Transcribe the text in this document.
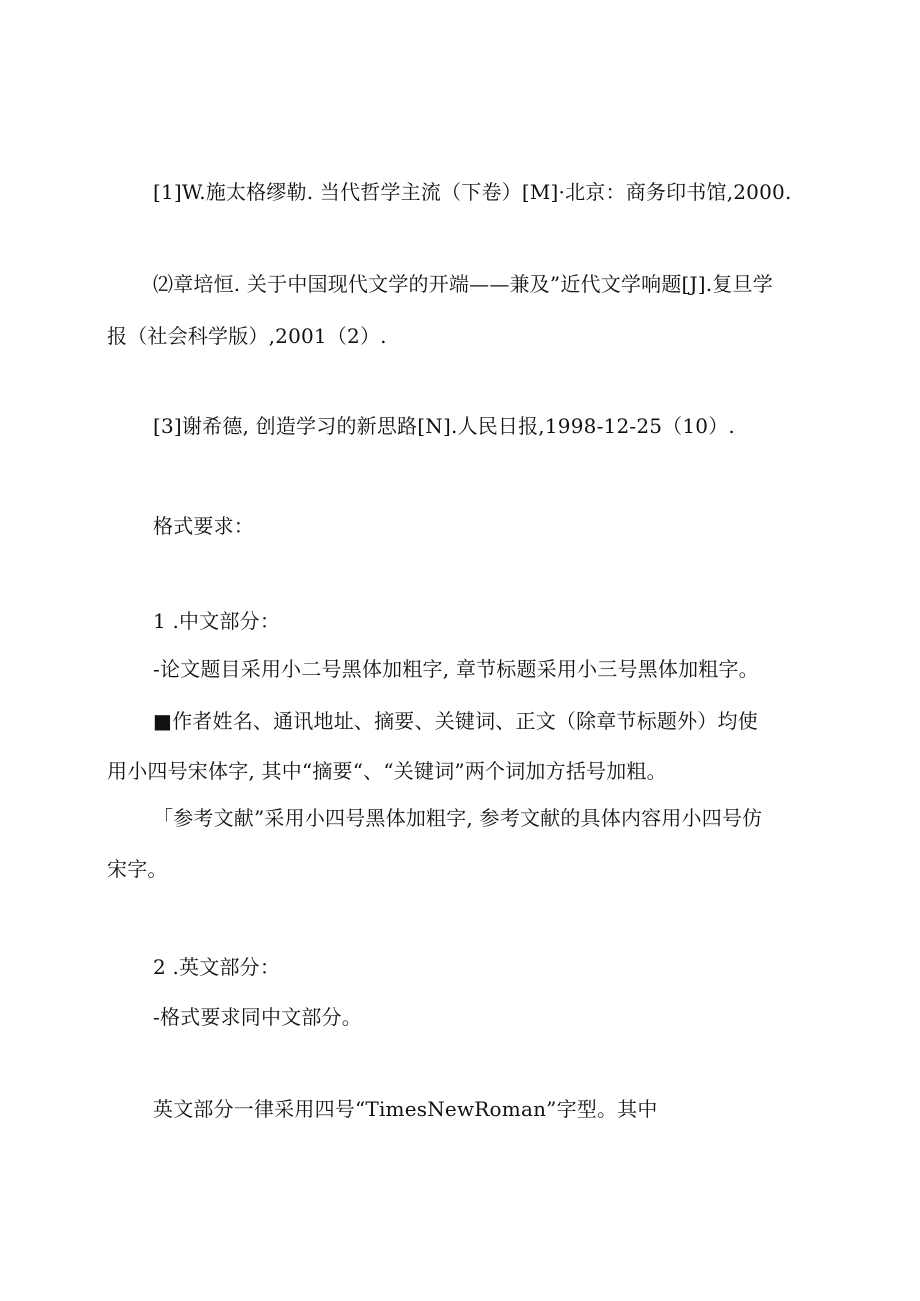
[1]W.施太格缪勒. 当代哲学主流（下卷）[M]·北京：商务印书馆,2000.
⑵章培恒. 关于中国现代文学的开端——兼及”近代文学响题[J].复旦学
报（社会科学版）,2001（2）.
[3]谢希德, 创造学习的新思路[N].人民日报,1998-12-25（10）.
格式要求：
1 .中文部分：
-论文题目采用小二号黑体加粗字, 章节标题采用小三号黑体加粗字。
■作者姓名、通讯地址、摘要、关键词、正文（除章节标题外）均使
用小四号宋体字, 其中“摘要“、“关键词”两个词加方括号加粗。
「参考文献”采用小四号黑体加粗字, 参考文献的具体内容用小四号仿
宋字。
2 .英文部分：
-格式要求同中文部分。
英文部分一律采用四号“TimesNewRoman”字型。其中
